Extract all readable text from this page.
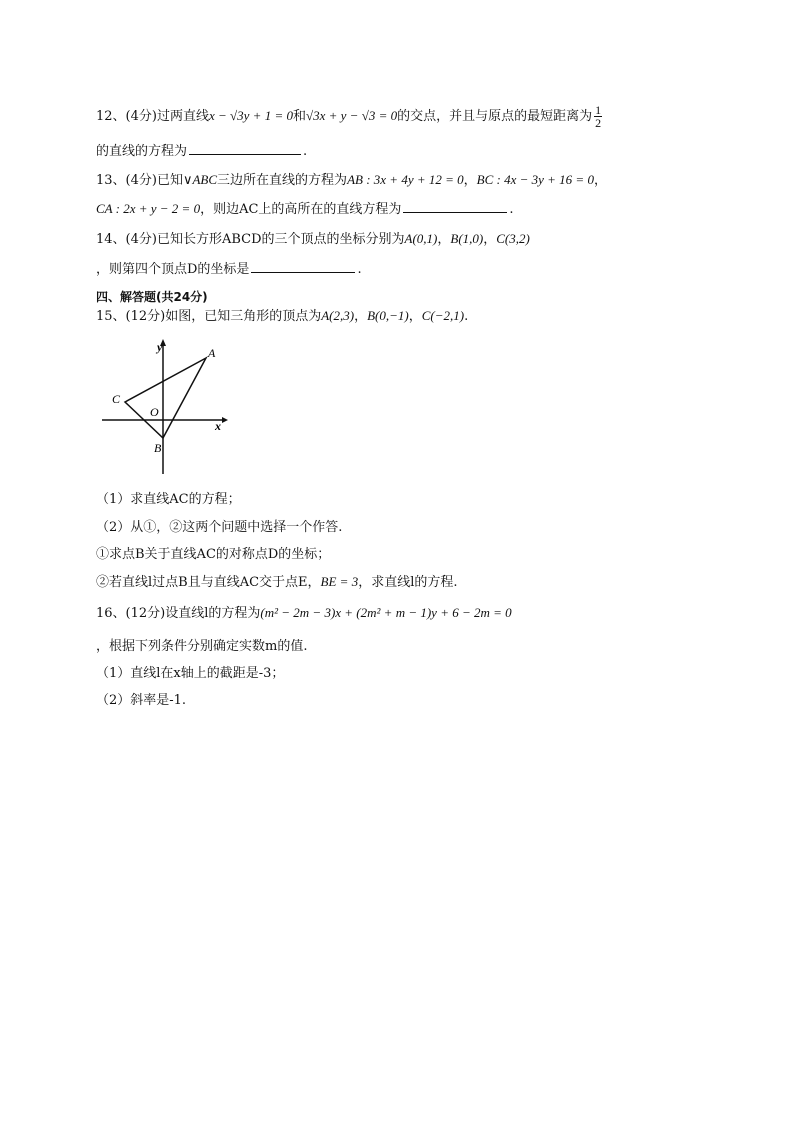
12、(4分)过两直线x − √3y + 1 = 0和√3x + y − √3 = 0的交点，并且与原点的最短距离为 $\frac{1}{2}$
的直线的方程为	.
13、(4分)已知∨ABC三边所在直线的方程为AB : 3x + 4y + 12 = 0，BC : 4x − 3y + 16 = 0，
CA : 2x + y − 2 = 0，则边AC上的高所在的直线方程为	.
14、(4分)已知长方形ABCD的三个顶点的坐标分别为A(0,1)，B(1,0)，C(3,2)
，则第四个顶点D的坐标是	.
四、解答题(共24分)
15、(12分)如图，已知三角形的顶点为A(2,3)，B(0,−1)，C(−2,1).
y	A
C
O
x
B
（1）求直线AC的方程；
（2）从①，②这两个问题中选择一个作答.
①求点B关于直线AC的对称点D的坐标；
②若直线l过点B且与直线AC交于点E，BE = 3，求直线l的方程.
16、(12分)设直线l的方程为(m² − 2m − 3)x + (2m² + m − 1)y + 6 − 2m = 0
，根据下列条件分别确定实数m的值.
（1）直线l在x轴上的截距是-3；
（2）斜率是-1.
